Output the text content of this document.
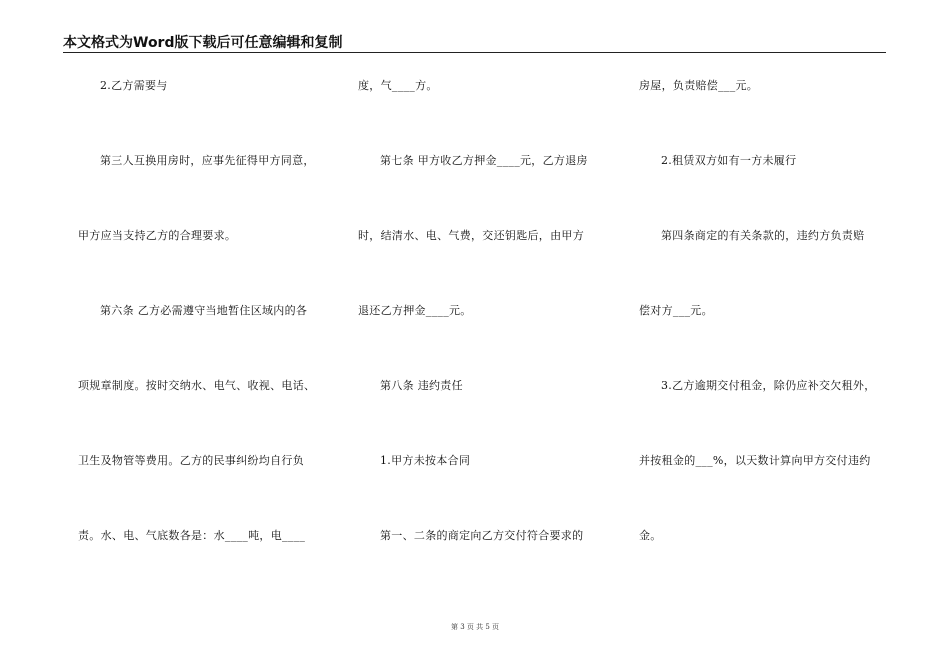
本文格式为Word版下载后可任意编辑和复制
2.乙方需要与
第三人互换用房时，应事先征得甲方同意，
甲方应当支持乙方的合理要求。
第六条 乙方必需遵守当地暂住区域内的各
项规章制度。按时交纳水、电气、收视、电话、
卫生及物管等费用。乙方的民事纠纷均自行负
责。水、电、气底数各是：水____吨，电____
度，气____方。
第七条 甲方收乙方押金____元，乙方退房
时，结清水、电、气费，交还钥匙后，由甲方
退还乙方押金____元。
第八条 违约责任
1.甲方未按本合同
第一、二条的商定向乙方交付符合要求的
房屋，负责赔偿___元。
2.租赁双方如有一方未履行
第四条商定的有关条款的，违约方负责赔
偿对方___元。
3.乙方逾期交付租金，除仍应补交欠租外，
并按租金的___%，以天数计算向甲方交付违约
金。
第 3 页 共 5 页
